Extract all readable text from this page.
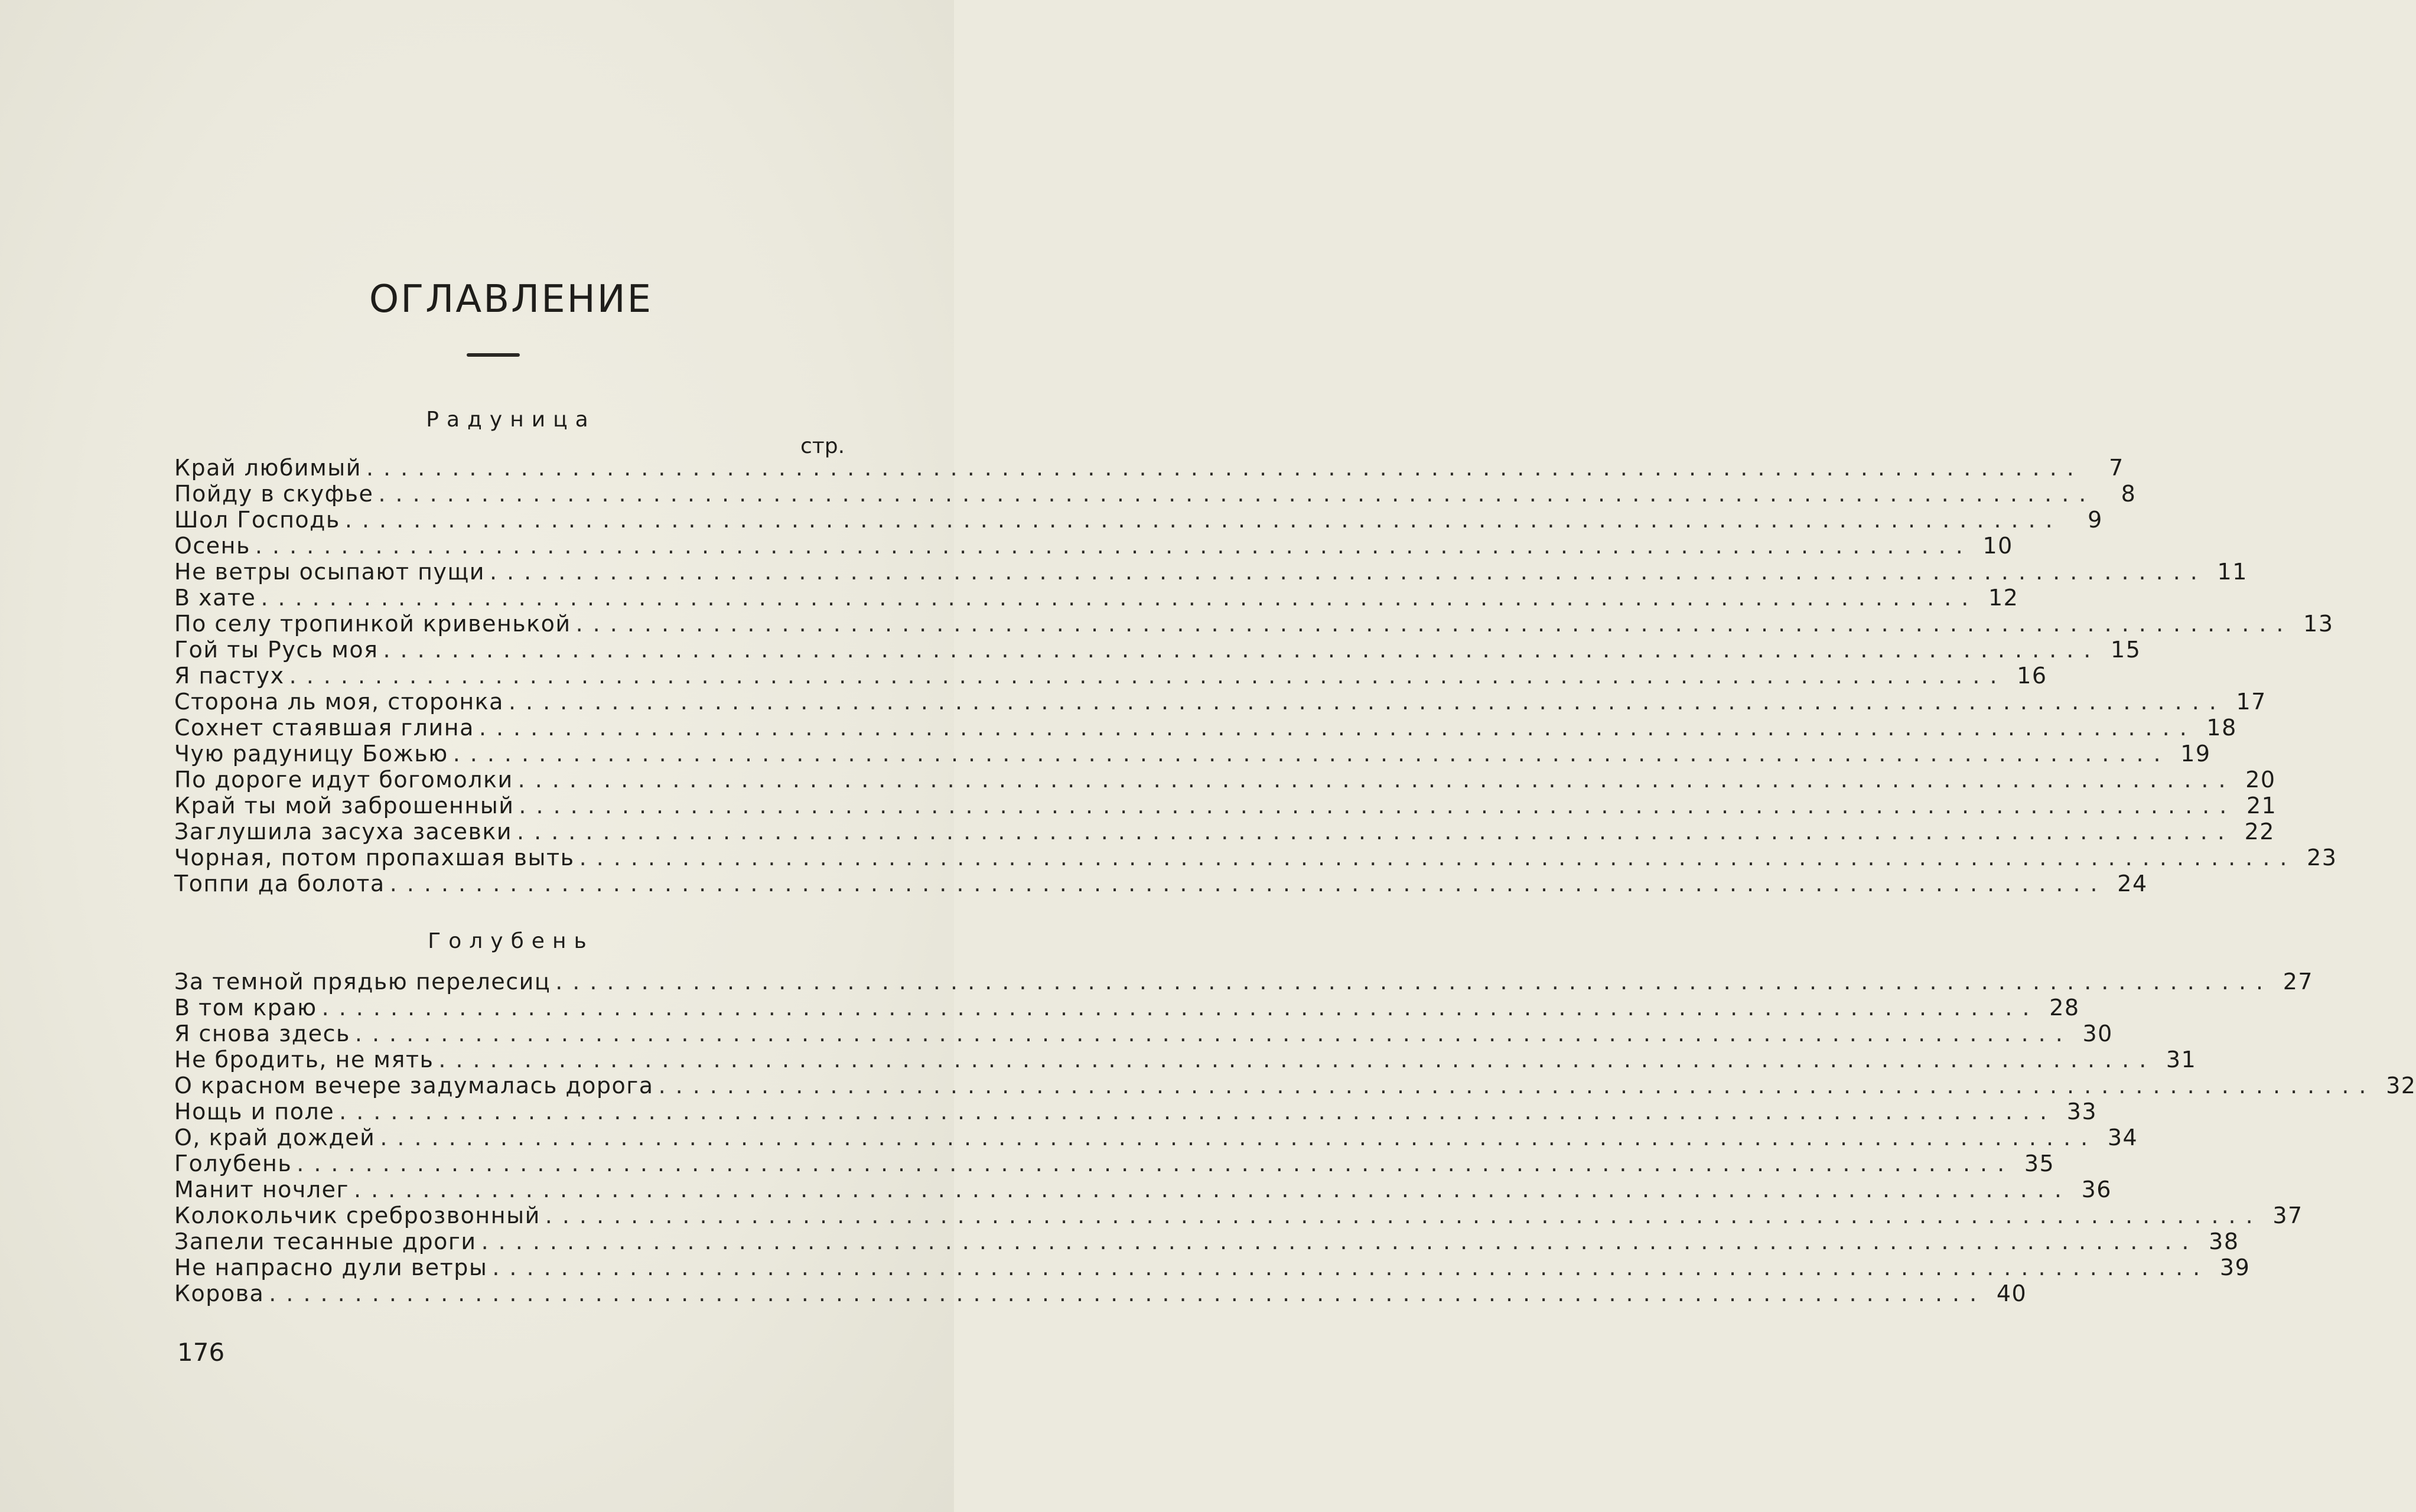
ОГЛАВЛЕНИЕ
Радуница
стр.
Край любимый ....................................................................................................	7
Пойду в скуфье ....................................................................................................	8
Шол Господь ....................................................................................................	9
Осень .................................................................................................... 10
Не ветры осыпают пущи .................................................................................................... 11
В хате .................................................................................................... 12
По селу тропинкой кривенькой .................................................................................................... 13
Гой ты Русь моя .................................................................................................... 15
Я пастух .................................................................................................... 16
Сторона ль моя, сторонка .................................................................................................... 17
Сохнет стаявшая глина .................................................................................................... 18
Чую радуницу Божью .................................................................................................... 19
По дороге идут богомолки .................................................................................................... 20
Край ты мой заброшенный .................................................................................................... 21
Заглушила засуха засевки .................................................................................................... 22
Чорная, потом пропахшая выть .................................................................................................... 23
Топпи да болота .................................................................................................... 24
Голубень
За темной прядью перелесиц .................................................................................................... 27
В том краю .................................................................................................... 28
Я снова здесь .................................................................................................... 30
Не бродить, не мять .................................................................................................... 31
О красном вечере задумалась дорога .................................................................................................... 32
Нощь и поле .................................................................................................... 33
О, край дождей .................................................................................................... 34
Голубень .................................................................................................... 35
Манит ночлег .................................................................................................... 36
Колокольчик среброзвонный .................................................................................................... 37
Запели тесанные дроги .................................................................................................... 38
Не напрасно дули ветры .................................................................................................... 39
Корова .................................................................................................... 40
176
